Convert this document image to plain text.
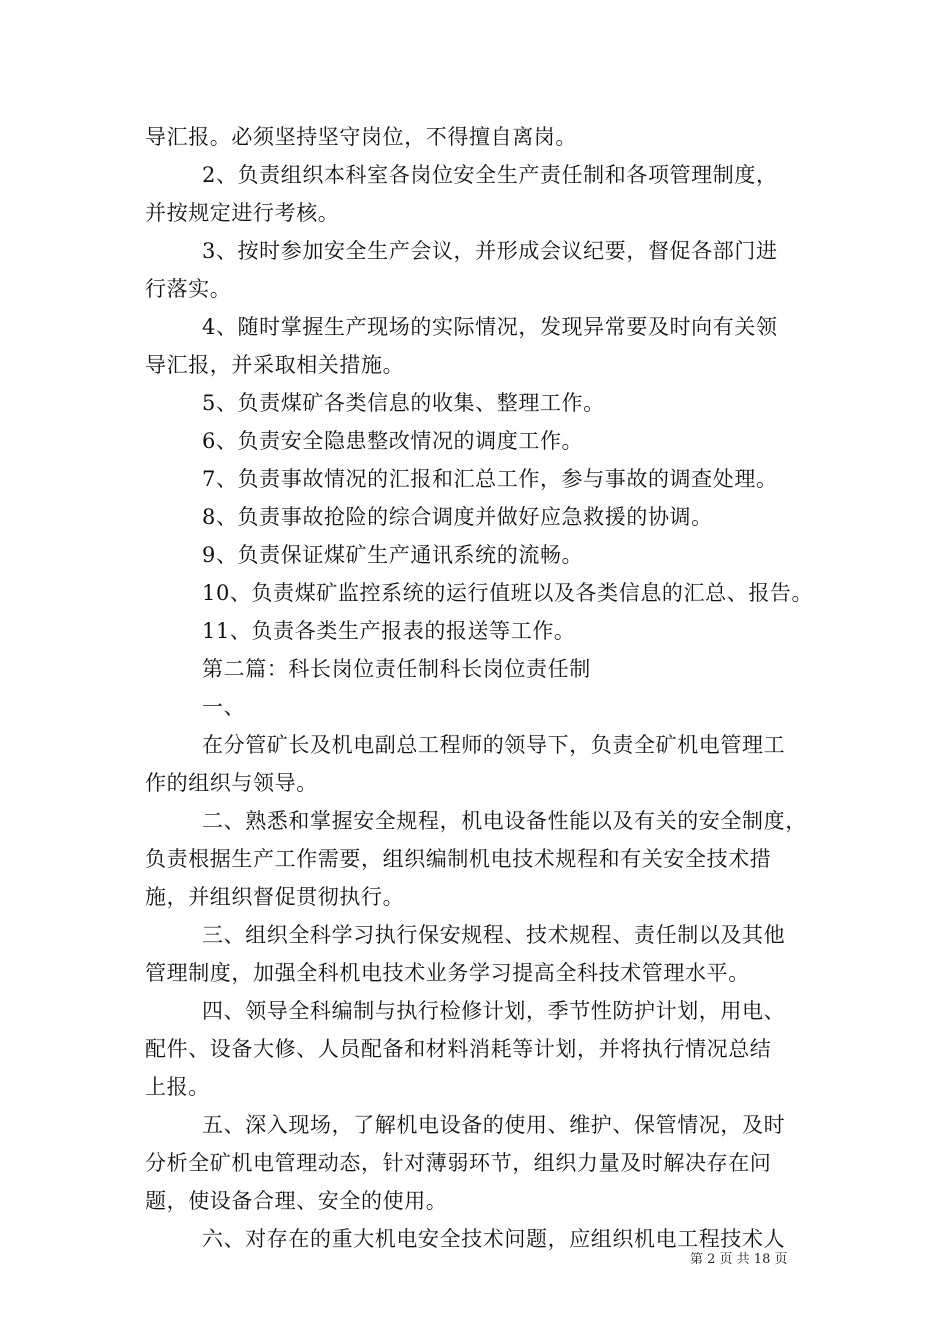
导汇报。必须坚持坚守岗位，不得擅自离岗。
2、负责组织本科室各岗位安全生产责任制和各项管理制度，
并按规定进行考核。
3、按时参加安全生产会议，并形成会议纪要，督促各部门进
行落实。
4、随时掌握生产现场的实际情况，发现异常要及时向有关领
导汇报，并采取相关措施。
5、负责煤矿各类信息的收集、整理工作。
6、负责安全隐患整改情况的调度工作。
7、负责事故情况的汇报和汇总工作，参与事故的调查处理。
8、负责事故抢险的综合调度并做好应急救援的协调。
9、负责保证煤矿生产通讯系统的流畅。
10、负责煤矿监控系统的运行值班以及各类信息的汇总、报告。
11、负责各类生产报表的报送等工作。
第二篇：科长岗位责任制科长岗位责任制
一、
在分管矿长及机电副总工程师的领导下，负责全矿机电管理工
作的组织与领导。
二、熟悉和掌握安全规程，机电设备性能以及有关的安全制度，
负责根据生产工作需要，组织编制机电技术规程和有关安全技术措
施，并组织督促贯彻执行。
三、组织全科学习执行保安规程、技术规程、责任制以及其他
管理制度，加强全科机电技术业务学习提高全科技术管理水平。
四、领导全科编制与执行检修计划，季节性防护计划，用电、
配件、设备大修、人员配备和材料消耗等计划，并将执行情况总结
上报。
五、深入现场，了解机电设备的使用、维护、保管情况，及时
分析全矿机电管理动态，针对薄弱环节，组织力量及时解决存在问
题，使设备合理、安全的使用。
六、对存在的重大机电安全技术问题，应组织机电工程技术人
第 2 页 共 18 页
